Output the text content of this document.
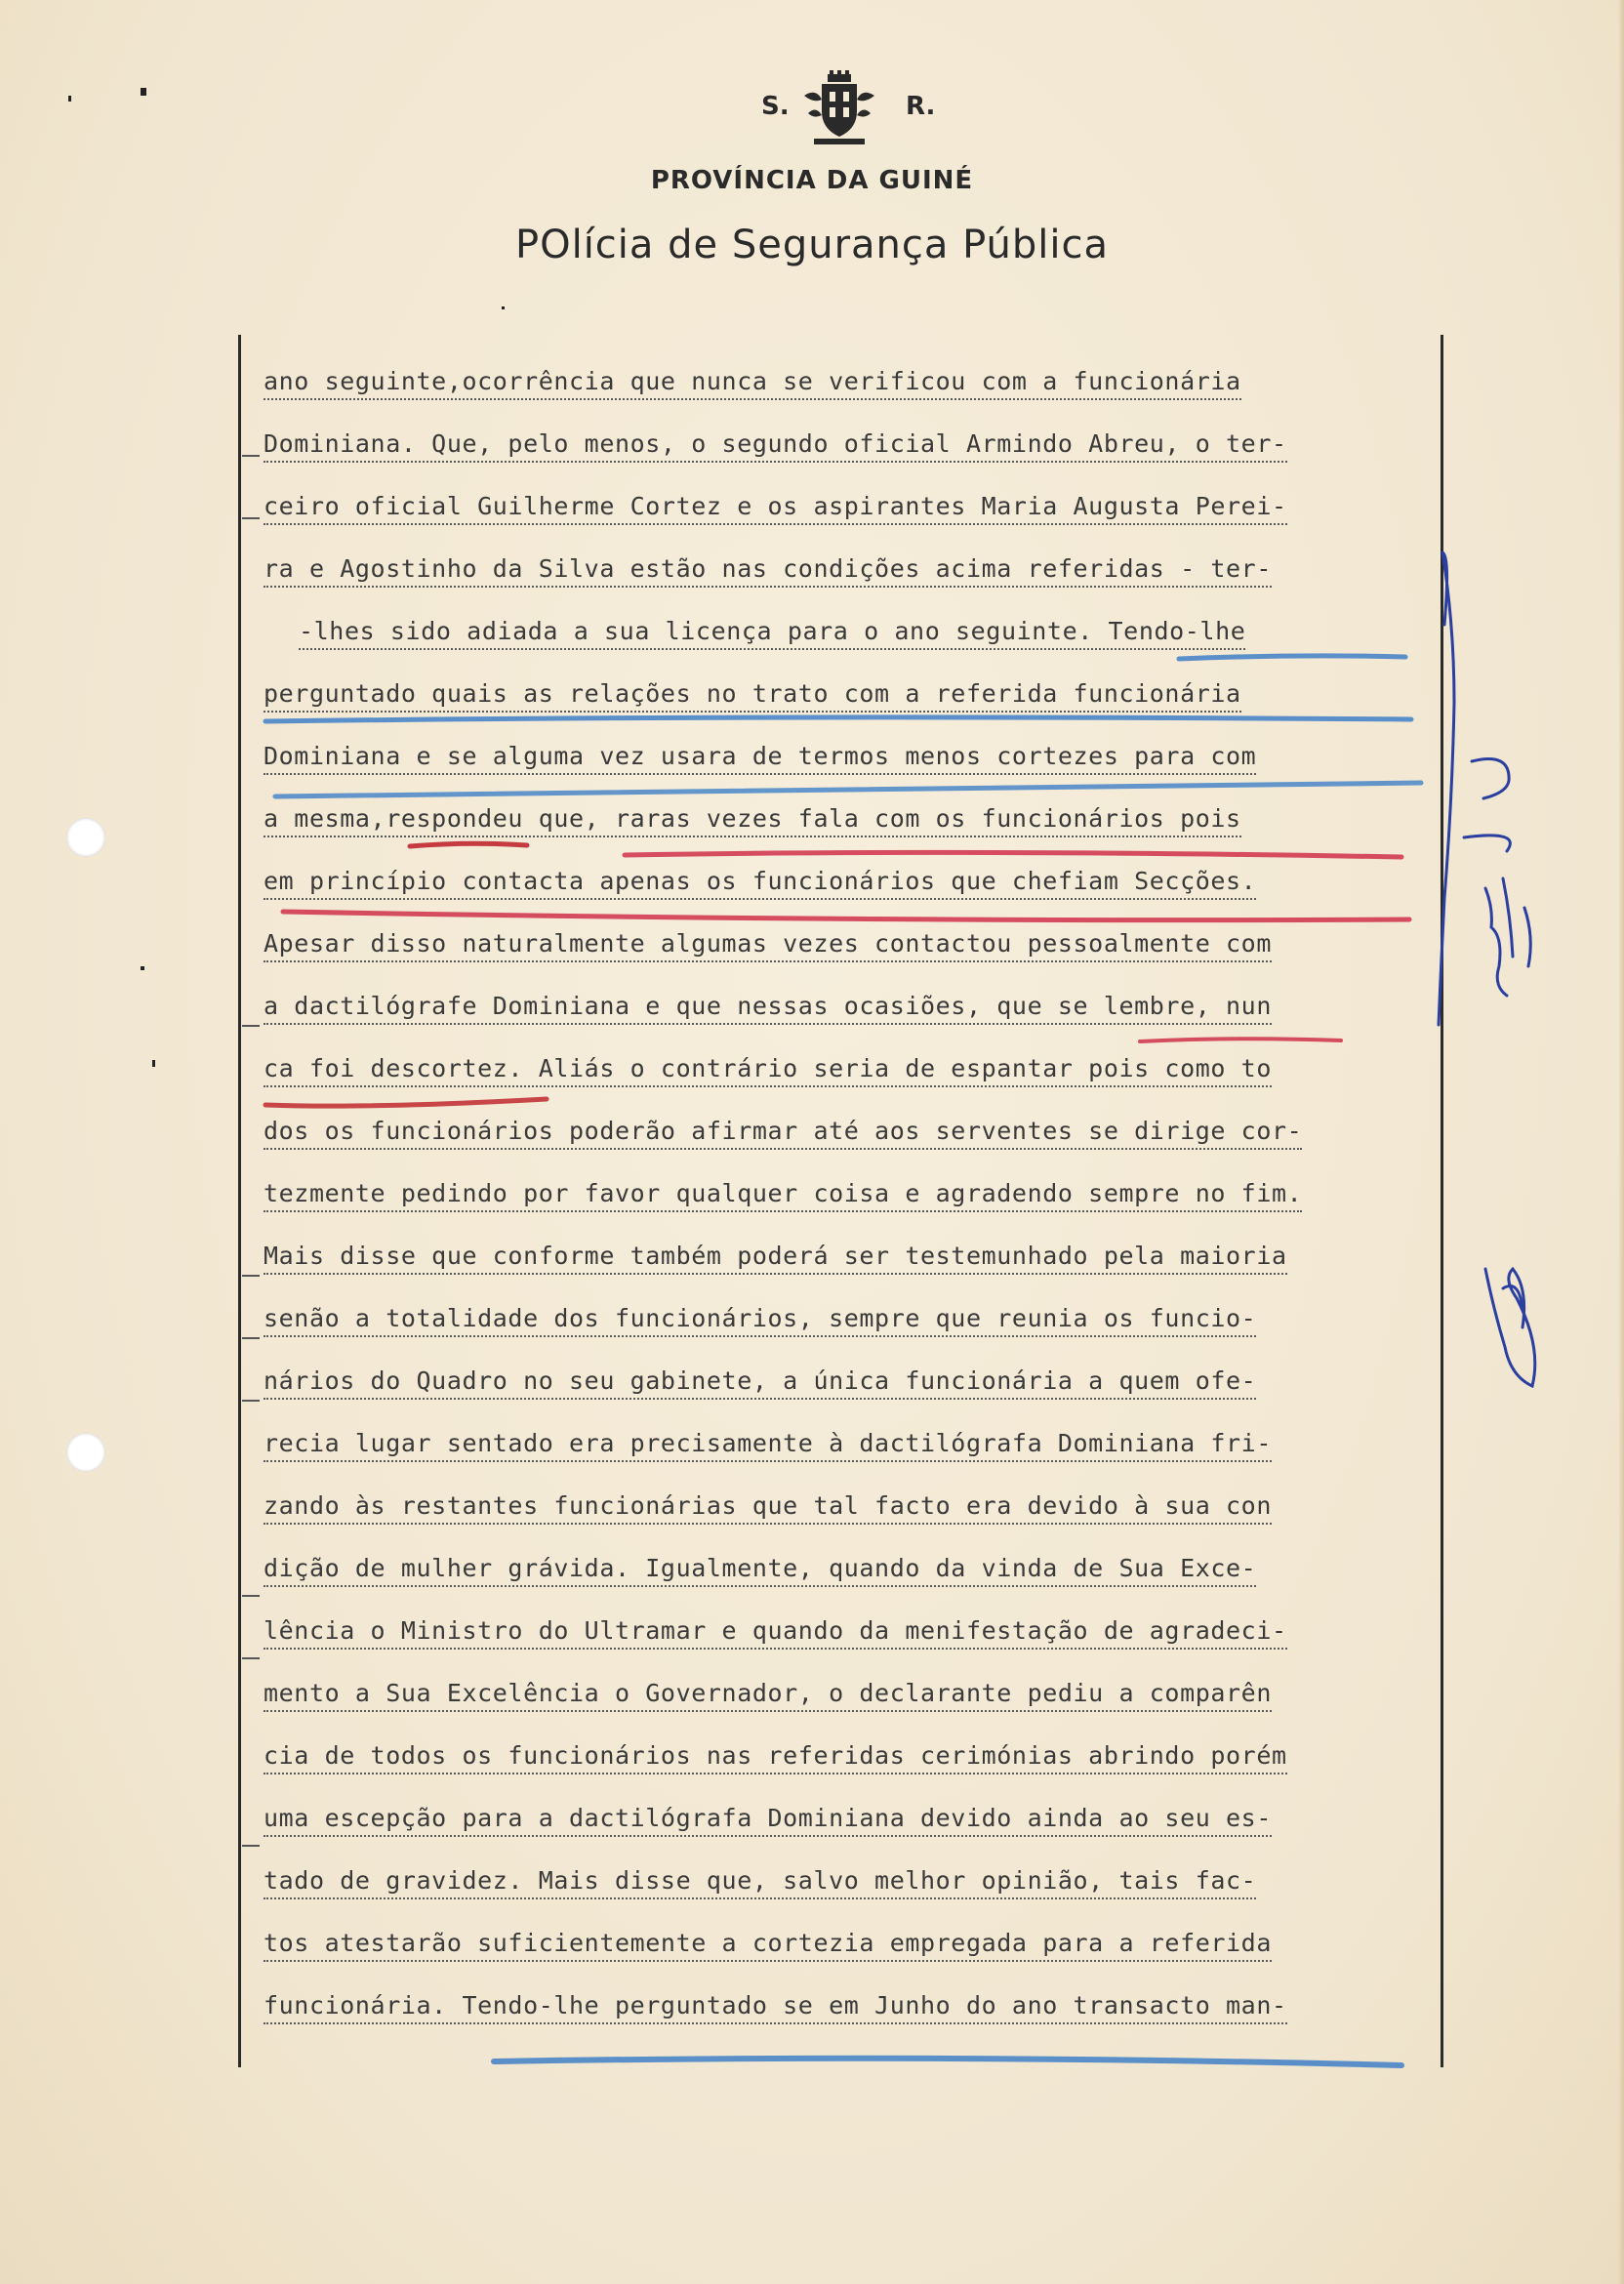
S.	R.
PROVÍNCIA DA GUINÉ
POlícia de Segurança Pública
ano seguinte,ocorrência que nunca se verificou com a funcionária
Dominiana. Que, pelo menos, o segundo oficial Armindo Abreu, o ter-
ceiro oficial Guilherme Cortez e os aspirantes Maria Augusta Perei-
ra e Agostinho da Silva estão nas condições acima referidas - ter-
-lhes sido adiada a sua licença para o ano seguinte. Tendo-lhe
perguntado quais as relações no trato com a referida funcionária
Dominiana e se alguma vez usara de termos menos cortezes para com
a mesma,respondeu que, raras vezes fala com os funcionários pois
em princípio contacta apenas os funcionários que chefiam Secções.
Apesar disso naturalmente algumas vezes contactou pessoalmente com
a dactilógrafe Dominiana e que nessas ocasiões, que se lembre, nun
ca foi descortez. Aliás o contrário seria de espantar pois como to
dos os funcionários poderão afirmar até aos serventes se dirige cor-
tezmente pedindo por favor qualquer coisa e agradendo sempre no fim.
Mais disse que conforme também poderá ser testemunhado pela maioria
senão a totalidade dos funcionários, sempre que reunia os funcio-
nários do Quadro no seu gabinete, a única funcionária a quem ofe-
recia lugar sentado era precisamente à dactilógrafa Dominiana fri-
zando às restantes funcionárias que tal facto era devido à sua con
dição de mulher grávida. Igualmente, quando da vinda de Sua Exce-
lência o Ministro do Ultramar e quando da menifestação de agradeci-
mento a Sua Excelência o Governador, o declarante pediu a comparên
cia de todos os funcionários nas referidas cerimónias abrindo porém
uma escepção para a dactilógrafa Dominiana devido ainda ao seu es-
tado de gravidez. Mais disse que, salvo melhor opinião, tais fac-
tos atestarão suficientemente a cortezia empregada para a referida
funcionária. Tendo-lhe perguntado se em Junho do ano transacto man-
